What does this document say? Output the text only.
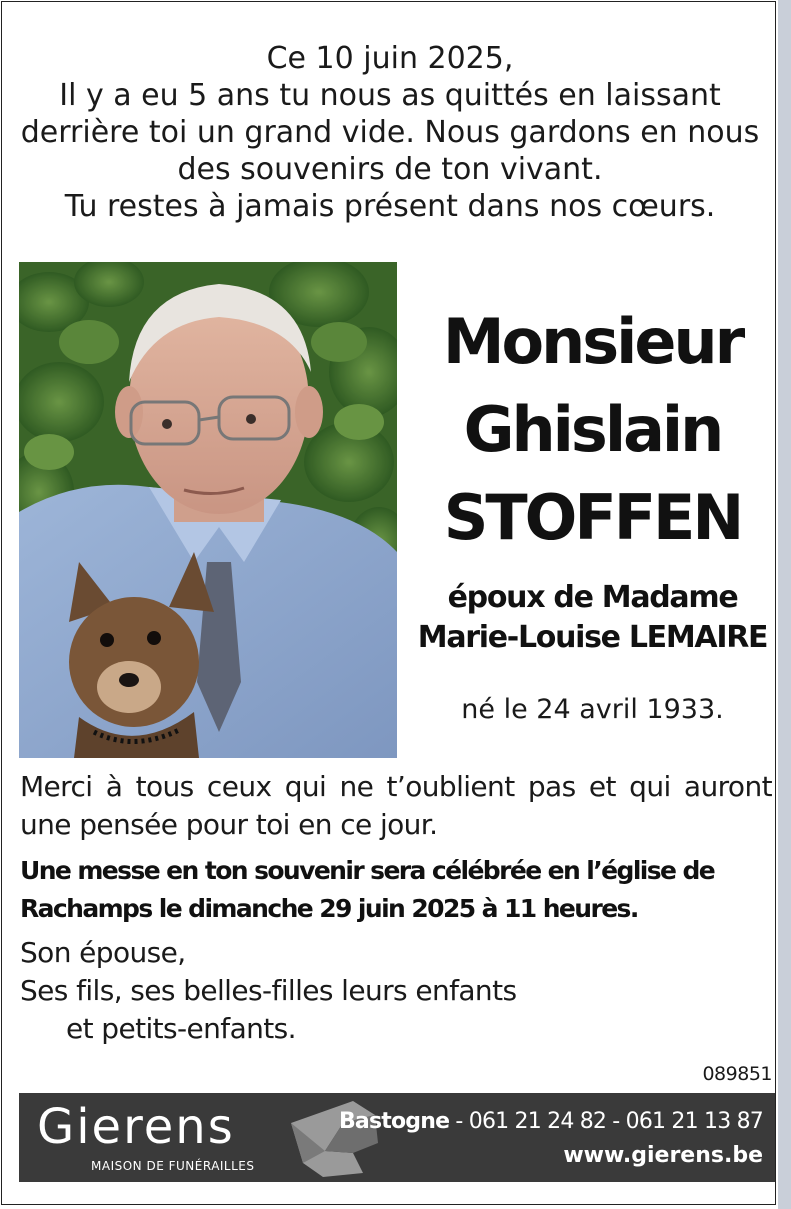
Ce 10 juin 2025,
Il y a eu 5 ans tu nous as quittés en laissant
derrière toi un grand vide. Nous gardons en nous
des souvenirs de ton vivant.
Tu restes à jamais présent dans nos cœurs.
Monsieur
Ghislain
STOFFEN
époux de Madame
Marie-Louise LEMAIRE
né le 24 avril 1933.
Merci à tous ceux qui ne t’oublient pas et qui auront une pensée pour toi en ce jour.
Une messe en ton souvenir sera célébrée en l’église de Rachamps le dimanche 29 juin 2025 à 11 heures.
Son épouse,
Ses fils, ses belles-filles leurs enfants
et petits-enfants.
089851
Gierens
MAISON DE FUNÉRAILLES
Bastogne - 061 21 24 82 - 061 21 13 87
www.gierens.be
